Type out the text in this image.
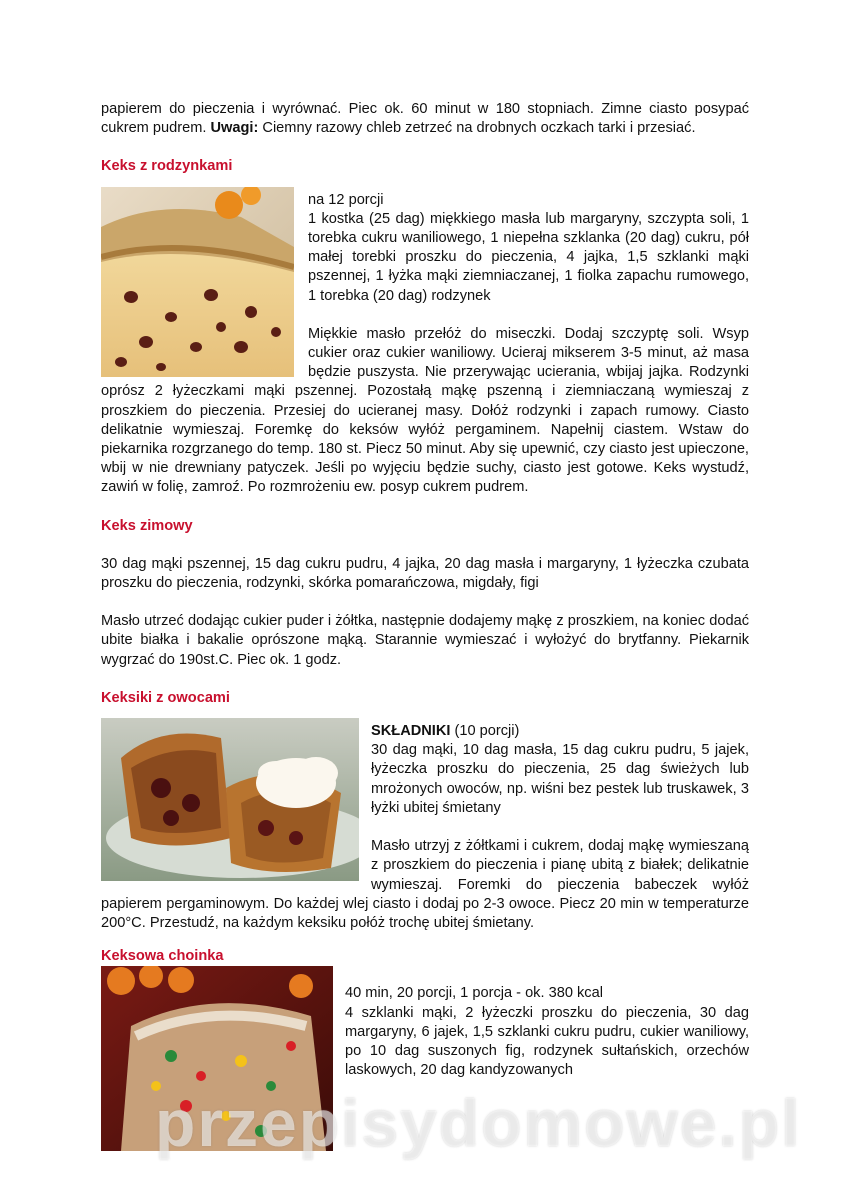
papierem do pieczenia i wyrównać. Piec ok. 60 minut w 180 stopniach. Zimne ciasto posypać cukrem pudrem. Uwagi: Ciemny razowy chleb zetrzeć na drobnych oczkach tarki i przesiać.

Keks z rodzynkami

na 12 porcji

1 kostka (25 dag) miękkiego masła lub margaryny, szczypta soli, 1 torebka cukru waniliowego, 1 niepełna szklanka (20 dag) cukru, pół małej torebki proszku do pieczenia, 4 jajka, 1,5 szklanki mąki pszennej, 1 łyżka mąki ziemniaczanej, 1 fiolka zapachu rumowego, 1 torebka (20 dag) rodzynek

Miękkie masło przełóż do miseczki. Dodaj szczyptę soli. Wsyp cukier oraz cukier waniliowy. Ucieraj mikserem 3-5 minut, aż masa będzie puszysta. Nie przerywając ucierania, wbijaj jajka. Rodzynki oprósz 2 łyżeczkami mąki pszennej. Pozostałą mąkę pszenną i ziemniaczaną wymieszaj z proszkiem do pieczenia. Przesiej do ucieranej masy. Dołóż rodzynki i zapach rumowy. Ciasto delikatnie wymieszaj. Foremkę do keksów wyłóż pergaminem. Napełnij ciastem. Wstaw do piekarnika rozgrzanego do temp. 180 st. Piecz 50 minut. Aby się upewnić, czy ciasto jest upieczone, wbij w nie drewniany patyczek. Jeśli po wyjęciu będzie suchy, ciasto jest gotowe. Keks wystudź, zawiń w folię, zamroź. Po rozmrożeniu ew. posyp cukrem pudrem.

Keks zimowy

30 dag mąki pszennej, 15 dag cukru pudru, 4 jajka, 20 dag masła i margaryny, 1 łyżeczka czubata proszku do pieczenia, rodzynki, skórka pomarańczowa, migdały, figi

Masło utrzeć dodając cukier puder i żółtka, następnie dodajemy mąkę z proszkiem, na koniec dodać ubite białka i bakalie oprószone mąką. Starannie wymieszać i wyłożyć do brytfanny. Piekarnik wygrzać do 190st.C. Piec ok. 1 godz.

Keksiki z owocami

SKŁADNIKI (10 porcji)

30 dag mąki, 10 dag masła, 15 dag cukru pudru, 5 jajek, łyżeczka proszku do pieczenia, 25 dag świeżych lub mrożonych owoców, np. wiśni bez pestek lub truskawek, 3 łyżki ubitej śmietany

Masło utrzyj z żółtkami i cukrem, dodaj mąkę wymieszaną z proszkiem do pieczenia i pianę ubitą z białek; delikatnie wymieszaj. Foremki do pieczenia babeczek wyłóż papierem pergaminowym. Do każdej wlej ciasto i dodaj po 2-3 owoce. Piecz 20 min w temperaturze 200°C. Przestudź, na każdym keksiku połóż trochę ubitej śmietany.

Keksowa choinka

40 min, 20 porcji, 1 porcja - ok. 380 kcal

4 szklanki mąki, 2 łyżeczki proszku do pieczenia, 30 dag margaryny, 6 jajek, 1,5 szklanki cukru pudru, cukier waniliowy, po 10 dag suszonych fig, rodzynek sułtańskich, orzechów laskowych, 20 dag kandyzowanych

przepisydomowe.pl
